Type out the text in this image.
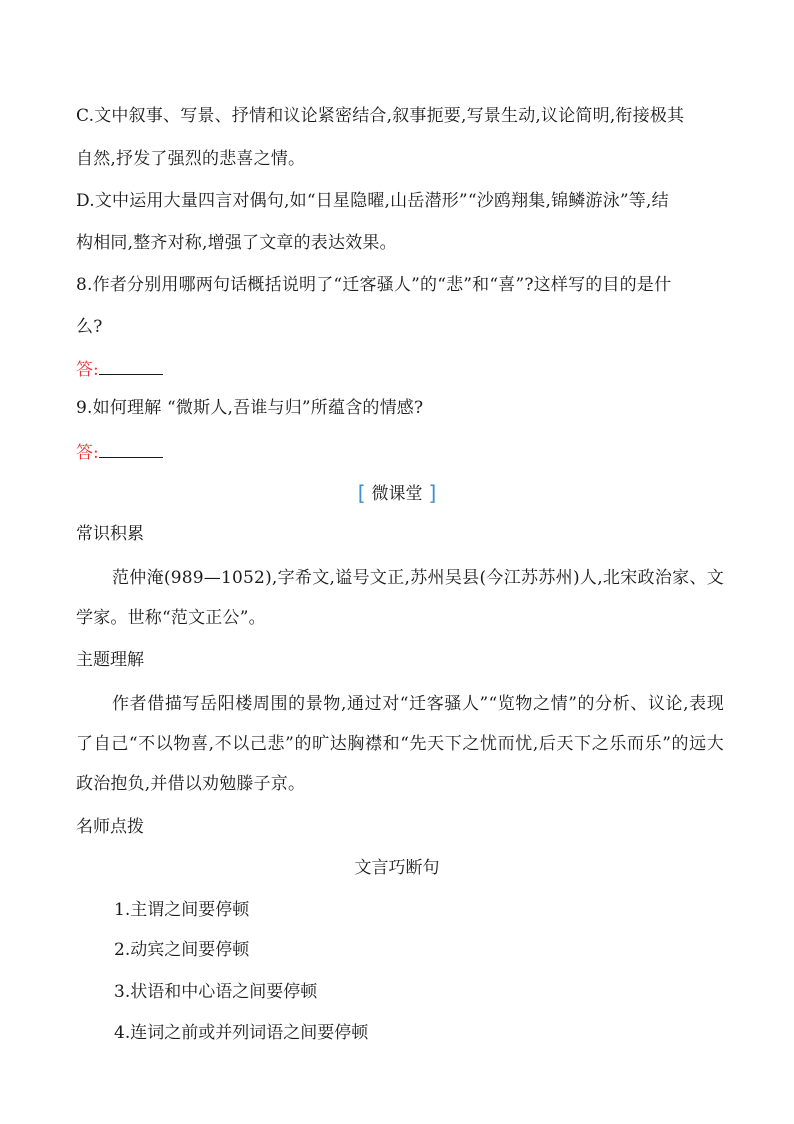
C.文中叙事、写景、抒情和议论紧密结合,叙事扼要,写景生动,议论简明,衔接极其
自然,抒发了强烈的悲喜之情。
D.文中运用大量四言对偶句,如“日星隐曜,山岳潜形”“沙鸥翔集,锦鳞游泳”等,结
构相同,整齐对称,增强了文章的表达效果。
8.作者分别用哪两句话概括说明了“迁客骚人”的“悲”和“喜”?这样写的目的是什
么?
答:
9.如何理解 “微斯人,吾谁与归”所蕴含的情感?
答:
[ 微课堂 ]
常识积累
范仲淹(989—1052),字希文,谥号文正,苏州吴县(今江苏苏州)人,北宋政治家、文学家。世称“范文正公”。
主题理解
作者借描写岳阳楼周围的景物,通过对“迁客骚人”“览物之情”的分析、议论,表现了自己“不以物喜,不以己悲”的旷达胸襟和“先天下之忧而忧,后天下之乐而乐”的远大政治抱负,并借以劝勉滕子京。
名师点拨
文言巧断句
1.主谓之间要停顿
2.动宾之间要停顿
3.状语和中心语之间要停顿
4.连词之前或并列词语之间要停顿
